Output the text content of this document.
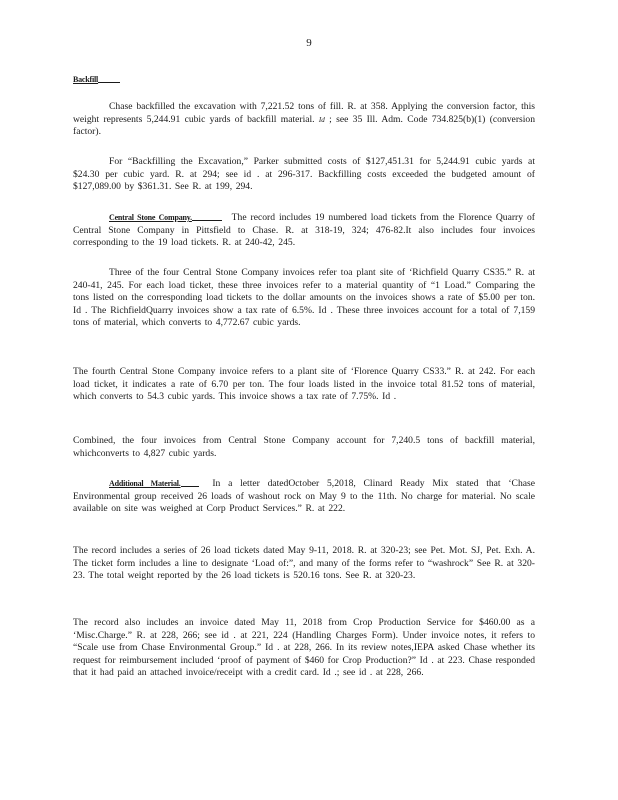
9
Backfill
Chase backfilled the excavation with 7,221.52 tons of fill. R. at 358. Applying the conversion factor, this weight represents 5,244.91 cubic yards of backfill material. Id ; see 35 Ill. Adm. Code 734.825(b)(1) (conversion factor).
For “Backfilling the Excavation,” Parker submitted costs of $127,451.31 for 5,244.91 cubic yards at $24.30 per cubic yard. R. at 294; see id . at 296-317. Backfilling costs exceeded the budgeted amount of $127,089.00 by $361.31. See R. at 199, 294.
Central Stone Company.	The record includes 19 numbered load tickets from the Florence Quarry of Central Stone Company in Pittsfield to Chase. R. at 318-19, 324; 476-82.It also includes four invoices corresponding to the 19 load tickets. R. at 240-42, 245.
Three of the four Central Stone Company invoices refer toa plant site of ‘Richfield Quarry CS35.” R. at 240-41, 245. For each load ticket, these three invoices refer to a material quantity of “1 Load.” Comparing the tons listed on the corresponding load tickets to the dollar amounts on the invoices shows a rate of $5.00 per ton. Id . The RichfieldQuarry invoices show a tax rate of 6.5%. Id . These three invoices account for a total of 7,159 tons of material, which converts to 4,772.67 cubic yards.
The fourth Central Stone Company invoice refers to a plant site of ‘Florence Quarry CS33.” R. at 242. For each load ticket, it indicates a rate of 6.70 per ton. The four loads listed in the invoice total 81.52 tons of material, which converts to 54.3 cubic yards. This invoice shows a tax rate of 7.75%. Id .
Combined, the four invoices from Central Stone Company account for 7,240.5 tons of backfill material, whichconverts to 4,827 cubic yards.
Additional Material.	In a letter datedOctober 5,2018, Clinard Ready Mix stated that ‘Chase Environmental group received 26 loads of washout rock on May 9 to the 11th. No charge for material. No scale available on site was weighed at Corp Product Services.” R. at 222.
The record includes a series of 26 load tickets dated May 9-11, 2018. R. at 320-23; see Pet. Mot. SJ, Pet. Exh. A. The ticket form includes a line to designate ‘Load of:”, and many of the forms refer to “washrock” See R. at 320-23. The total weight reported by the 26 load tickets is 520.16 tons. See R. at 320-23.
The record also includes an invoice dated May 11, 2018 from Crop Production Service for $460.00 as a ‘Misc.Charge.” R. at 228, 266; see id . at 221, 224 (Handling Charges Form). Under invoice notes, it refers to “Scale use from Chase Environmental Group.” Id . at 228, 266. In its review notes,IEPA asked Chase whether its request for reimbursement included ‘proof of payment of $460 for Crop Production?” Id . at 223. Chase responded that it had paid an attached invoice/receipt with a credit card. Id .; see id . at 228, 266.
